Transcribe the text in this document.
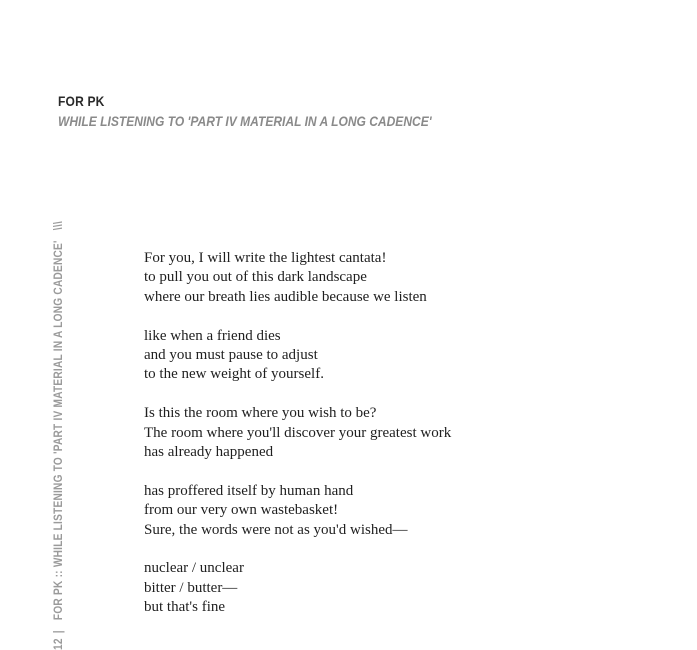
FOR PK
WHILE LISTENING TO 'PART IV MATERIAL IN A LONG CADENCE'
12|FOR PK :: WHILE LISTENING TO 'PART IV MATERIAL IN A LONG CADENCE'\\\
For you, I will write the lightest cantata!
to pull you out of this dark landscape
where our breath lies audible because we listen
like when a friend dies
and you must pause to adjust
to the new weight of yourself.
Is this the room where you wish to be?
The room where you'll discover your greatest work
has already happened
has proffered itself by human hand
from our very own wastebasket!
Sure, the words were not as you'd wished—
nuclear / unclear
bitter / butter—
but that's fine
